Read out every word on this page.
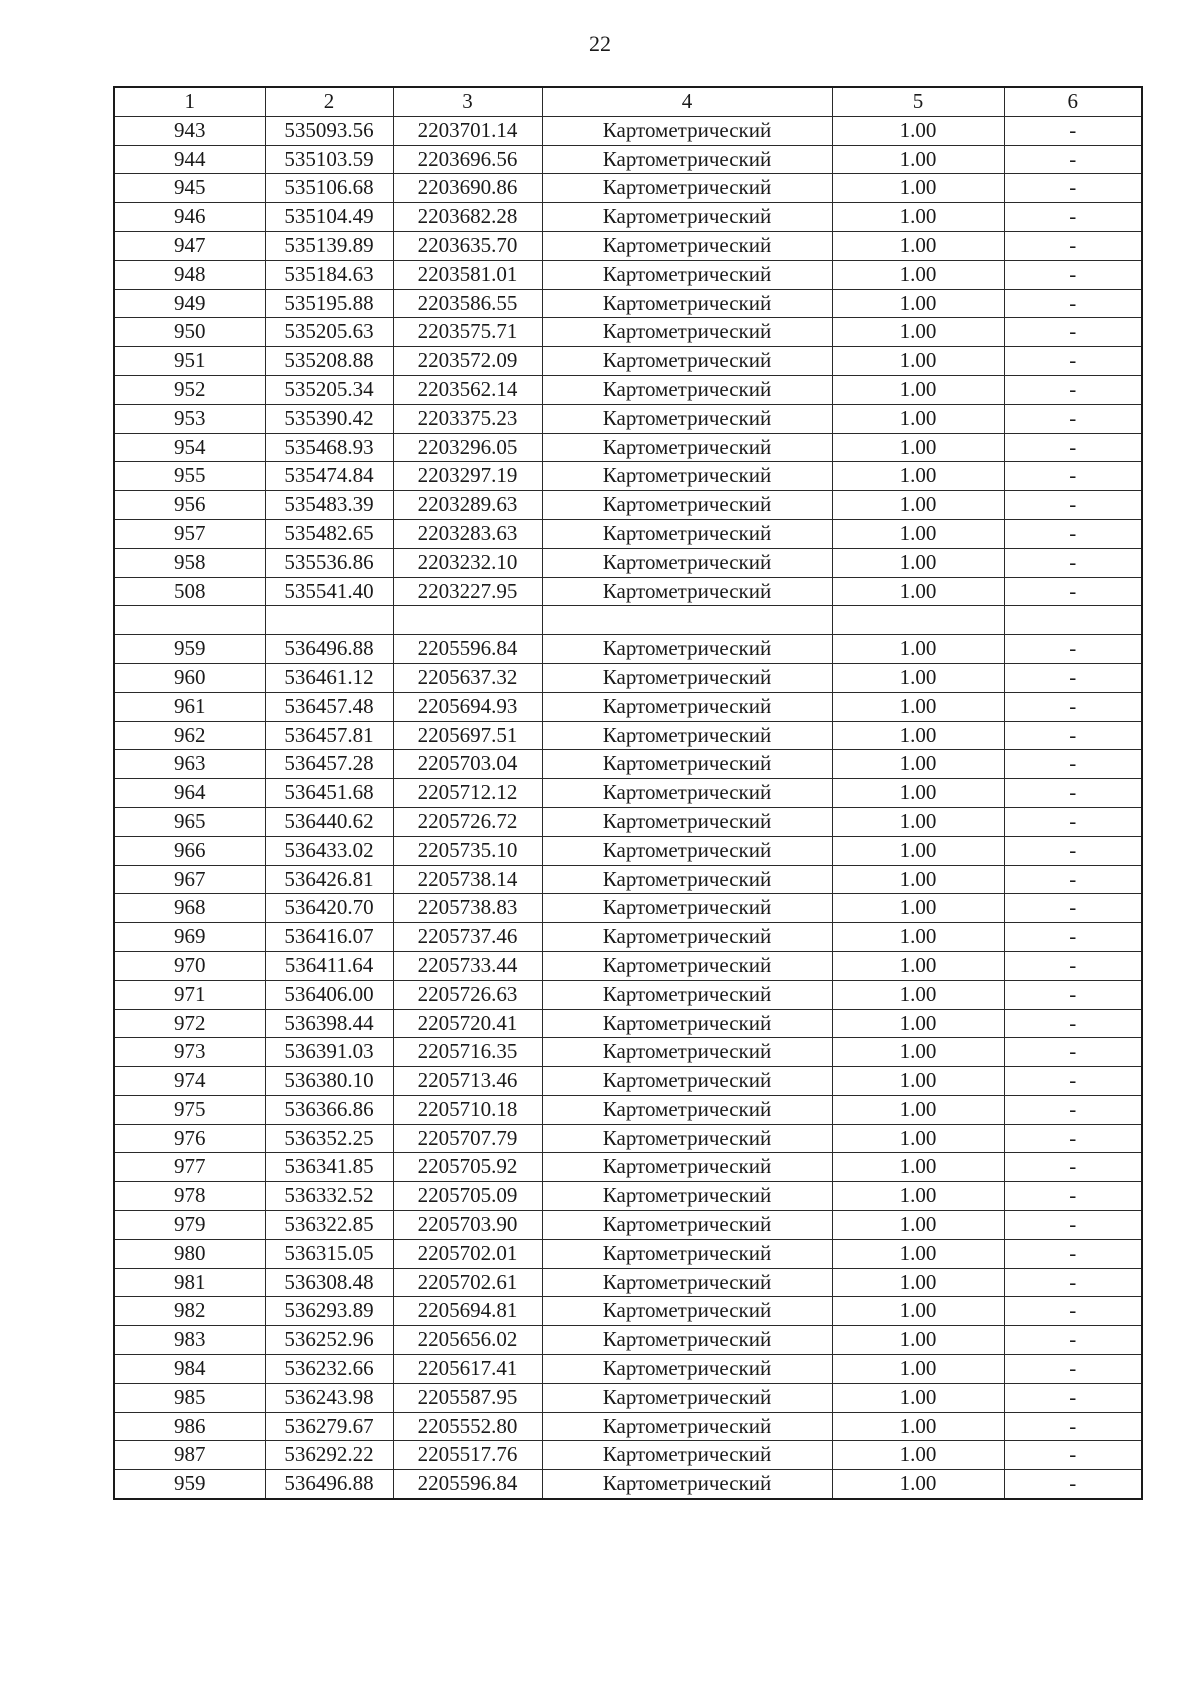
22
1	2	3	4	5	6
943	535093.56	2203701.14	Картометрический	1.00	-
944	535103.59	2203696.56	Картометрический	1.00	-
945	535106.68	2203690.86	Картометрический	1.00	-
946	535104.49	2203682.28	Картометрический	1.00	-
947	535139.89	2203635.70	Картометрический	1.00	-
948	535184.63	2203581.01	Картометрический	1.00	-
949	535195.88	2203586.55	Картометрический	1.00	-
950	535205.63	2203575.71	Картометрический	1.00	-
951	535208.88	2203572.09	Картометрический	1.00	-
952	535205.34	2203562.14	Картометрический	1.00	-
953	535390.42	2203375.23	Картометрический	1.00	-
954	535468.93	2203296.05	Картометрический	1.00	-
955	535474.84	2203297.19	Картометрический	1.00	-
956	535483.39	2203289.63	Картометрический	1.00	-
957	535482.65	2203283.63	Картометрический	1.00	-
958	535536.86	2203232.10	Картометрический	1.00	-
508	535541.40	2203227.95	Картометрический	1.00	-

959	536496.88	2205596.84	Картометрический	1.00	-
960	536461.12	2205637.32	Картометрический	1.00	-
961	536457.48	2205694.93	Картометрический	1.00	-
962	536457.81	2205697.51	Картометрический	1.00	-
963	536457.28	2205703.04	Картометрический	1.00	-
964	536451.68	2205712.12	Картометрический	1.00	-
965	536440.62	2205726.72	Картометрический	1.00	-
966	536433.02	2205735.10	Картометрический	1.00	-
967	536426.81	2205738.14	Картометрический	1.00	-
968	536420.70	2205738.83	Картометрический	1.00	-
969	536416.07	2205737.46	Картометрический	1.00	-
970	536411.64	2205733.44	Картометрический	1.00	-
971	536406.00	2205726.63	Картометрический	1.00	-
972	536398.44	2205720.41	Картометрический	1.00	-
973	536391.03	2205716.35	Картометрический	1.00	-
974	536380.10	2205713.46	Картометрический	1.00	-
975	536366.86	2205710.18	Картометрический	1.00	-
976	536352.25	2205707.79	Картометрический	1.00	-
977	536341.85	2205705.92	Картометрический	1.00	-
978	536332.52	2205705.09	Картометрический	1.00	-
979	536322.85	2205703.90	Картометрический	1.00	-
980	536315.05	2205702.01	Картометрический	1.00	-
981	536308.48	2205702.61	Картометрический	1.00	-
982	536293.89	2205694.81	Картометрический	1.00	-
983	536252.96	2205656.02	Картометрический	1.00	-
984	536232.66	2205617.41	Картометрический	1.00	-
985	536243.98	2205587.95	Картометрический	1.00	-
986	536279.67	2205552.80	Картометрический	1.00	-
987	536292.22	2205517.76	Картометрический	1.00	-
959	536496.88	2205596.84	Картометрический	1.00	-
